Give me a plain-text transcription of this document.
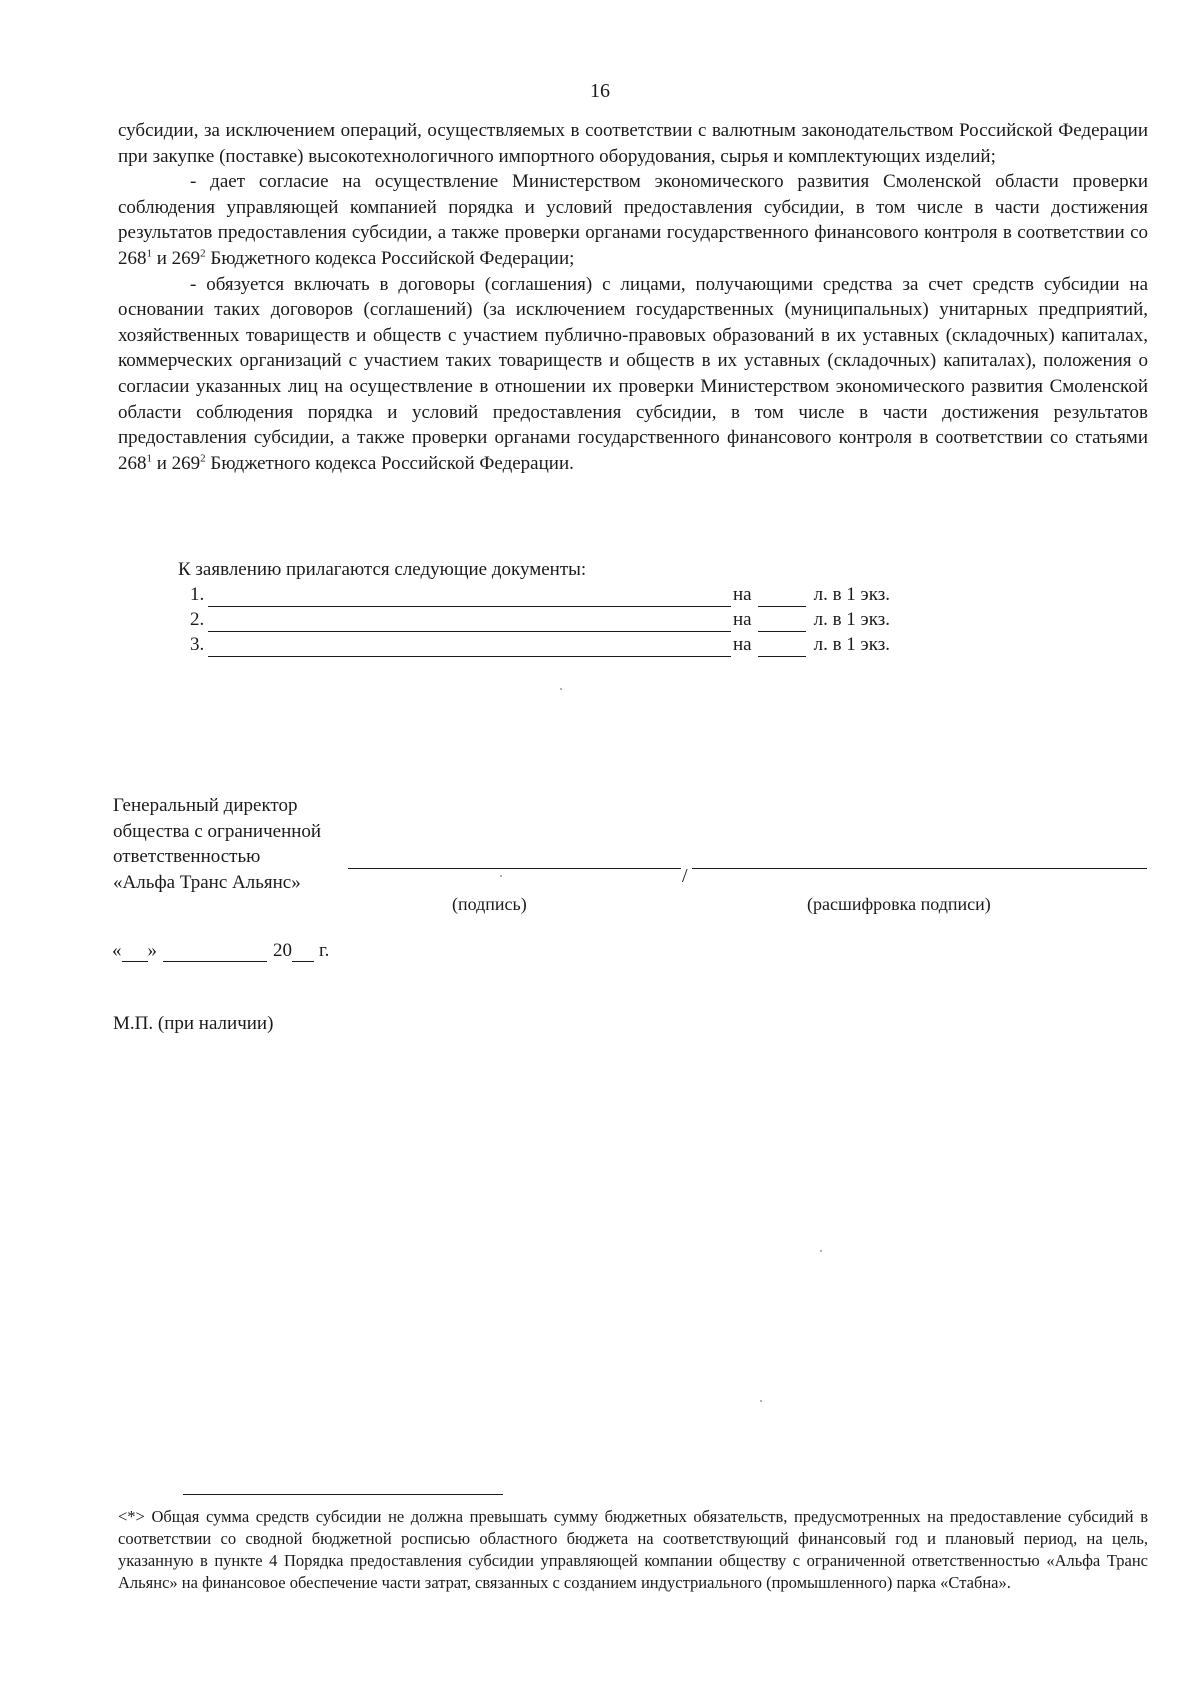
16

субсидии, за исключением операций, осуществляемых в соответствии с валютным законодательством Российской Федерации при закупке (поставке) высокотехнологичного импортного оборудования, сырья и комплектующих изделий;

- дает согласие на осуществление Министерством экономического развития Смоленской области проверки соблюдения управляющей компанией порядка и условий предоставления субсидии, в том числе в части достижения результатов предоставления субсидии, а также проверки органами государственного финансового контроля в соответствии со $268^1$ и $269^2$ Бюджетного кодекса Российской Федерации;

- обязуется включать в договоры (соглашения) с лицами, получающими средства за счет средств субсидии на основании таких договоров (соглашений) (за исключением государственных (муниципальных) унитарных предприятий, хозяйственных товариществ и обществ с участием публично-правовых образований в их уставных (складочных) капиталах, коммерческих организаций с участием таких товариществ и обществ в их уставных (складочных) капиталах), положения о согласии указанных лиц на осуществление в отношении их проверки Министерством экономического развития Смоленской области соблюдения порядка и условий предоставления субсидии, в том числе в части достижения результатов предоставления субсидии, а также проверки органами государственного финансового контроля в соответствии со статьями $268^1$ и $269^2$ Бюджетного кодекса Российской Федерации.

К заявлению прилагаются следующие документы:
1.	на	л. в 1 экз.
2.	на	л. в 1 экз.
3.	на	л. в 1 экз.
Генеральный директор
общества с ограниченной
ответственностью
«Альфа Транс Альянс»	/
(подпись)	(расшифровка подписи)
« »	20 г.
М.П. (при наличии)

<*> Общая сумма средств субсидии не должна превышать сумму бюджетных обязательств, предусмотренных на предоставление субсидий в соответствии со сводной бюджетной росписью областного бюджета на соответствующий финансовый год и плановый период, на цель, указанную в пункте 4 Порядка предоставления субсидии управляющей компании обществу с ограниченной ответственностью «Альфа Транс Альянс» на финансовое обеспечение части затрат, связанных с созданием индустриального (промышленного) парка «Стабна».
